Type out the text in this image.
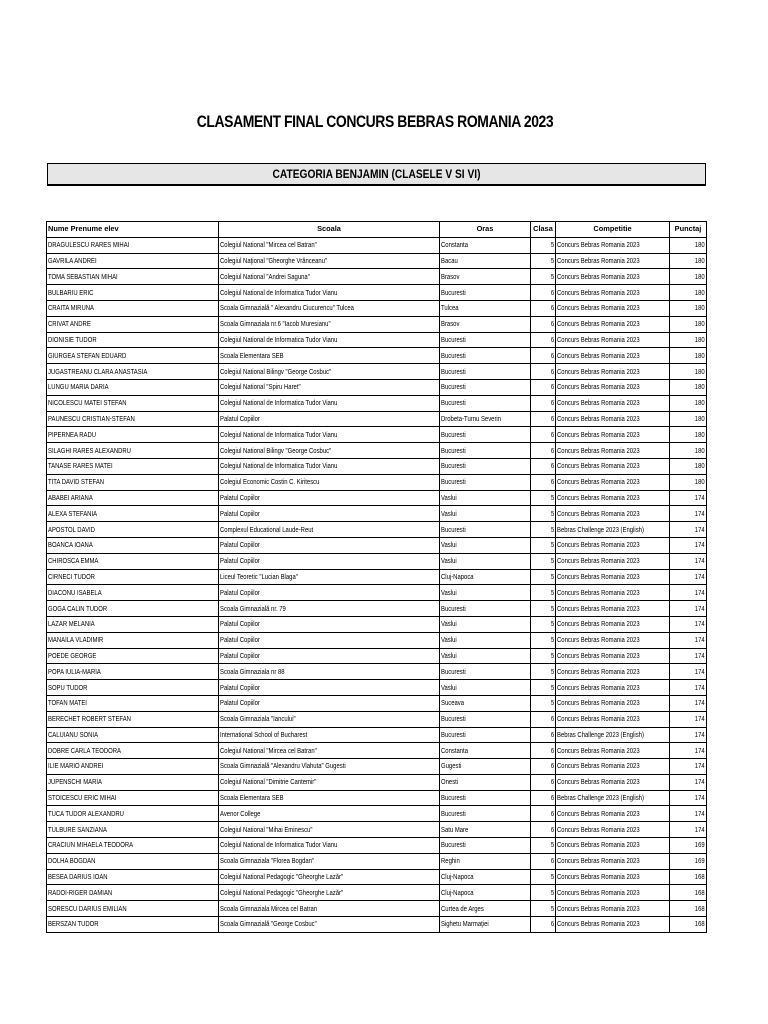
CLASAMENT FINAL CONCURS BEBRAS ROMANIA 2023
CATEGORIA BENJAMIN (CLASELE V SI VI)
Nume Prenume elev	Scoala	Oras	Clasa	Competitie	Punctaj
DRAGULESCU RARES MIHAI	Colegiul National "Mircea cel Batran"	Constanta	5	Concurs Bebras Romania 2023	180
GAVRILA ANDREI	Colegiul Naţional "Gheorghe Vrănceanu"	Bacau	5	Concurs Bebras Romania 2023	180
TOMA SEBASTIAN MIHAI	Colegiul National "Andrei Saguna"	Brasov	5	Concurs Bebras Romania 2023	180
BULBARIU ERIC	Colegiul National de Informatica Tudor Vianu	Bucuresti	6	Concurs Bebras Romania 2023	180
CRAITA MIRUNA	Scoala Gimnazială " Alexandru Ciucurencu" Tulcea	Tulcea	6	Concurs Bebras Romania 2023	180
CRIVAT ANDRE	Scoala Gimnaziala nr.6 "Iacob Muresianu"	Brasov	6	Concurs Bebras Romania 2023	180
DIONISIE TUDOR	Colegiul National de Informatica Tudor Vianu	Bucuresti	6	Concurs Bebras Romania 2023	180
GIURGEA STEFAN EDUARD	Scoala Elementara SEB	Bucuresti	6	Concurs Bebras Romania 2023	180
JUGASTREANU CLARA ANASTASIA	Colegiul National Bilingv "George Cosbuc"	Bucuresti	6	Concurs Bebras Romania 2023	180
LUNGU MARIA DARIA	Colegiul National "Spiru Haret"	Bucuresti	6	Concurs Bebras Romania 2023	180
NICOLESCU MATEI STEFAN	Colegiul National de Informatica Tudor Vianu	Bucuresti	6	Concurs Bebras Romania 2023	180
PAUNESCU CRISTIAN-STEFAN	Palatul Copiilor	Drobeta-Turnu Severin	6	Concurs Bebras Romania 2023	180
PIPERNEA RADU	Colegiul National de Informatica Tudor Vianu	Bucuresti	6	Concurs Bebras Romania 2023	180
SILAGHI RARES ALEXANDRU	Colegiul National Bilingv "George Cosbuc"	Bucuresti	6	Concurs Bebras Romania 2023	180
TANASE RARES MATEI	Colegiul National de Informatica Tudor Vianu	Bucuresti	6	Concurs Bebras Romania 2023	180
TITA DAVID STEFAN	Colegiul Economic Costin C. Kiritescu	Bucuresti	6	Concurs Bebras Romania 2023	180
ABABEI ARIANA	Palatul Copiilor	Vaslui	5	Concurs Bebras Romania 2023	174
ALEXA STEFANIA	Palatul Copiilor	Vaslui	5	Concurs Bebras Romania 2023	174
APOSTOL DAVID	Complexul Educational Laude-Reut	Bucuresti	5	Bebras Challenge 2023 (English)	174
BOANCA IOANA	Palatul Copiilor	Vaslui	5	Concurs Bebras Romania 2023	174
CHIROSCA EMMA	Palatul Copiilor	Vaslui	5	Concurs Bebras Romania 2023	174
CIRNECI TUDOR	Liceul Teoretic "Lucian Blaga"	Cluj-Napoca	5	Concurs Bebras Romania 2023	174
DIACONU ISABELA	Palatul Copiilor	Vaslui	5	Concurs Bebras Romania 2023	174
GOGA CALIN TUDOR	Scoala Gimnazială nr. 79	Bucuresti	5	Concurs Bebras Romania 2023	174
LAZAR MELANIA	Palatul Copiilor	Vaslui	5	Concurs Bebras Romania 2023	174
MANAILA VLADIMIR	Palatul Copiilor	Vaslui	5	Concurs Bebras Romania 2023	174
POEDE GEORGE	Palatul Copiilor	Vaslui	5	Concurs Bebras Romania 2023	174
POPA IULIA-MARIA	Scoala Gimnaziala nr 88	Bucuresti	5	Concurs Bebras Romania 2023	174
SOPU TUDOR	Palatul Copiilor	Vaslui	5	Concurs Bebras Romania 2023	174
TOFAN MATEI	Palatul Copiilor	Suceava	5	Concurs Bebras Romania 2023	174
BERECHET ROBERT STEFAN	Scoala Gimnaziala "Iancului"	Bucuresti	6	Concurs Bebras Romania 2023	174
CALUIANU SONIA	International School of Bucharest	Bucuresti	6	Bebras Challenge 2023 (English)	174
DOBRE CARLA TEODORA	Colegiul National "Mircea cel Batran"	Constanta	6	Concurs Bebras Romania 2023	174
ILIE MARIO ANDREI	Scoala Gimnazială "Alexandru Vlahuta" Gugesti	Gugesti	6	Concurs Bebras Romania 2023	174
JUPENSCHI MARIA	Colegiul National "Dimitrie Cantemir"	Onesti	6	Concurs Bebras Romania 2023	174
STOICESCU ERIC MIHAI	Scoala Elementara SEB	Bucuresti	6	Bebras Challenge 2023 (English)	174
TUCA TUDOR ALEXANDRU	Avenor College	Bucuresti	6	Concurs Bebras Romania 2023	174
TULBURE SANZIANA	Colegiul National "Mihai Eminescu"	Satu Mare	6	Concurs Bebras Romania 2023	174
CRACIUN MIHAELA TEODORA	Colegiul National de Informatica Tudor Vianu	Bucuresti	5	Concurs Bebras Romania 2023	169
DOLHA BOGDAN	Scoala Gimnaziala "Florea Bogdan"	Reghin	6	Concurs Bebras Romania 2023	169
BESEA DARIUS IOAN	Colegiul National Pedagogic "Gheorghe Lazăr"	Cluj-Napoca	5	Concurs Bebras Romania 2023	168
RADOI-RIGER DAMIAN	Colegiul National Pedagogic "Gheorghe Lazăr"	Cluj-Napoca	5	Concurs Bebras Romania 2023	168
SORESCU DARIUS EMILIAN	Scoala Gimnaziala Mircea cel Batran	Curtea de Arges	5	Concurs Bebras Romania 2023	168
BERSZAN TUDOR	Scoala Gimnazială "George Cosbuc"	Sighetu Marmaţiei	6	Concurs Bebras Romania 2023	168
